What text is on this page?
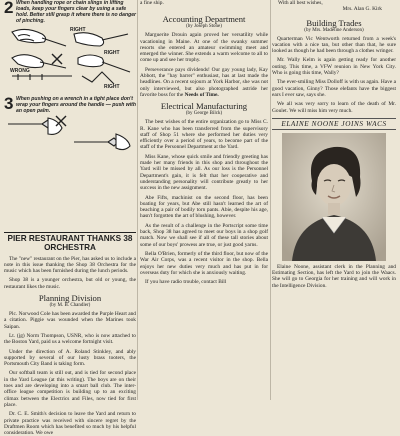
2 When handling rope or chain slings in lifting loads, keep your fingers clear by using a safe hold. Better still grasp it where there is no danger of pinching.
RIGHT
WRONG
RIGHT
RIGHT
3 When pushing on a wrench in a tight place don't wrap your fingers around the handle — push with an open palm.
PIER RESTAURANT THANKS 38 ORCHESTRA

The "new" restaurant on the Pier, has asked us to include a note in this issue thanking the Shop 38 Orchestra for the music which has been furnished during the lunch periods.

Shop 38 is a younger orchestra, but old or young, the restaurant likes the music.

Planning Division
(by M. B. Chandler)

Plc. Norwood Cole has been awarded the Purple Heart and a citation. Piggie was wounded when the Marines took Saipan.

Lt. (jg) Norm Thompson, USNR, who is now attached to the Boston Yard, paid us a welcome fortnight visit.

Under the direction of A. Roland Stinkley, and ably supported by several of our lusty brass tooters, the Portsmouth City Band is taking form.

Our softball team is still out, and is tied for second place in the Yard League (at this writing). The boys are on their toes and are developing into a smart ball club. The inter-office league competition is building up to an exciting climax between the Electrics and Files, now tied for first place.

Dr. C. E. Smith's decision to leave the Yard and return to private practice was received with sincere regret by the Draftmen Room which has benefited so much by his helpful consideration. We owe

a fine ship.
Accounting Department
(by Joseph Stone)

Marguerite Drouin again proved her versatility while vacationing in Maine. At one of the swanky summer resorts she entered an amateur swimming meet and emerged the winner. She extends a warm welcome to all to come up and see her trophy.

Perseverance pays dividends! Our gay young lady, Kay Abbott, the "hay barrer" enthusiast, has at last made the headlines. On a recent sojourn at York Harbor, she was not only interviewed, but also photographed astride her favorite boss for the Needs of Time.

Electrical Manufacturing
(by George Bilck)

The best wishes of the entire organization go to Miss C. R. Kane who has been transferred from the supervisory staff of Shop 51 where she performed her duties very efficiently over a period of years, to become part of the staff of the Personnel Department at the Yard.

Miss Kane, whose quick smile and friendly greeting has made her many friends in this shop and throughout the Yard will be missed by all. As our loss is the Personnel Department's gain, it is felt that her cooperative and understanding personality will contribute greatly to her success in the new assignment.

Abe Fifts, machinist on the second floor, has been boating for years, but Abe still hasn't learned the art of beaching a pair of bodily torn pants. Abie, despite his age, hasn't forgotten the art of blushing, however.

As the result of a challenge in the Portscript some time back, Shop 38 has agreed to meet our boys in a shop golf match. Now we shall see if all of these tall stories about some of our boys' prowess are true, or just good yarns.

Bella O'Brien, formerly of the third floor, but now of the War Air Corps, was a recent visitor in the shop. Bella enjoys her new duties very much and has put in for overseas duty for which she is anxiously waiting.

If you have radio trouble, contact Bill

With all best wishes,
Mrs. Alan G. Kirk
Building Trades
(by Mrs. Madeline Anderson)

Quarterman Vic Wentworth returned from a week's vacation with a nice tan, but other than that, he sure looked as though he had been through a clothes wringer.

Mr. Wally Kelm is again getting ready for another outing. This time, a VFW reunion in New York City. Who is going this time, Wally?

The ever-smiling Miss Dolloff is with us again. Have a good vacation, Ginny? Those elefants have the biggest ears I ever saw, says she.

We all was very sorry to learn of the death of Mr. Goulet. We will miss him very much.

ELAINE NOONE JOINS WACS

Elaine Noone, assistant clerk in the Planning and Estimating Section, has left the Yard to join the Waacs. She will go to Georgia for her training and will work in the Intelligence Division.
